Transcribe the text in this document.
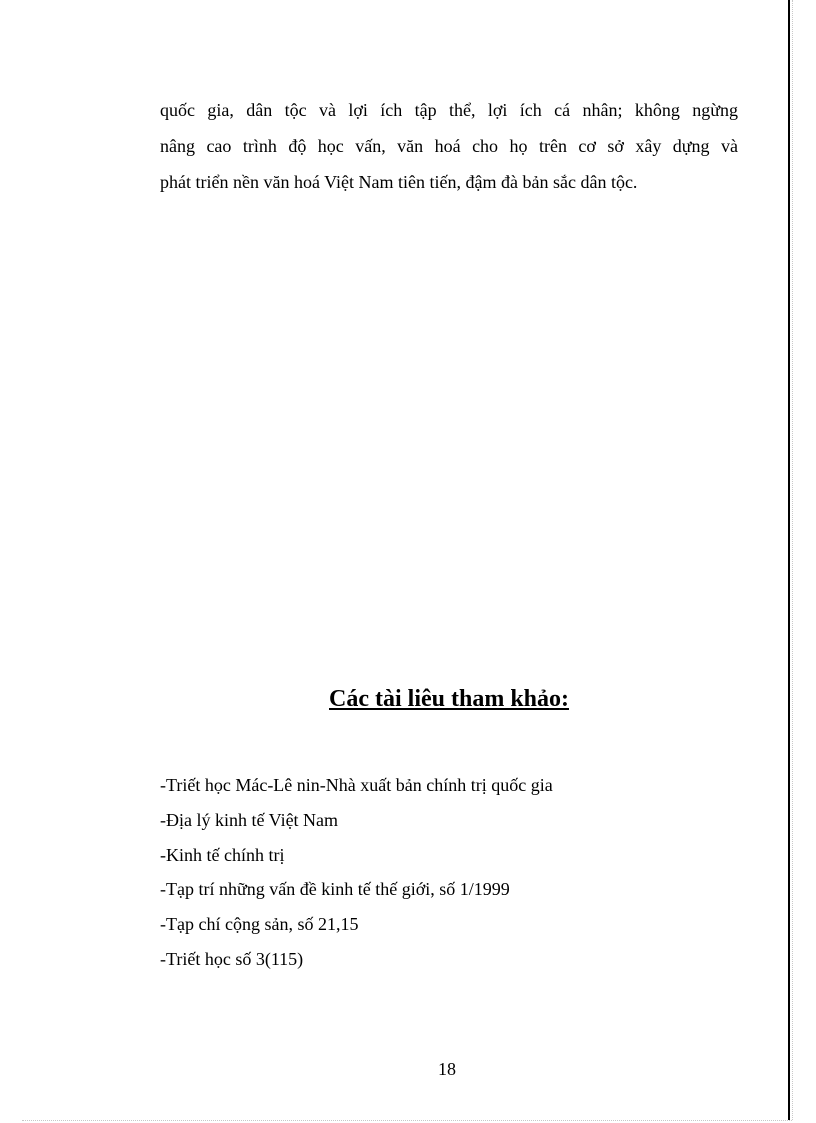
quốc gia, dân tộc và lợi ích tập thể, lợi ích cá nhân; không ngừng
nâng cao trình độ học vấn, văn hoá cho họ trên cơ sở xây dựng và
phát triển nền văn hoá Việt Nam tiên tiến, đậm đà bản sắc dân tộc.

Các tài liêu tham khảo:
-Triết học Mác-Lê nin-Nhà xuất bản chính trị quốc gia
-Địa lý kinh tế Việt Nam
-Kinh tế chính trị
-Tạp trí những vấn đề kinh tế thế giới, số 1/1999
-Tạp chí cộng sản, số 21,15
-Triết học số 3(115)
18
